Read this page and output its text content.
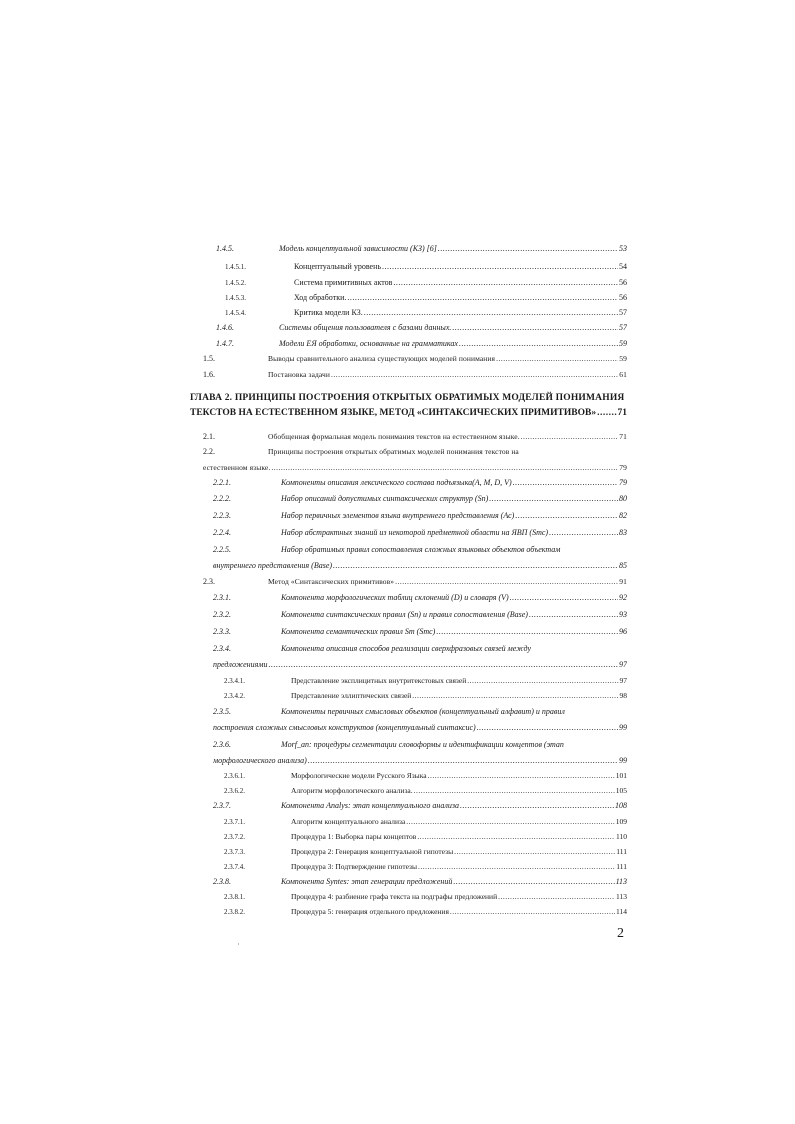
1.4.5.	Модель концептуальной зависимости (КЗ) [6] .....	53
1.4.5.1.	Концептуальный уровень .....	54
1.4.5.2.	Система примитивных актов .....	56
1.4.5.3.	Ход обработки. .....	56
1.4.5.4.	Критика модели КЗ. .....	57
1.4.6.	Системы общения пользователя с базами данных. .....	57
1.4.7.	Модели ЕЯ обработки, основанные на грамматиках .....	59
1.5.	Выводы сравнительного анализа существующих моделей понимания .....	59
1.6.	Постановка задачи .....	61
ГЛАВА 2. ПРИНЦИПЫ ПОСТРОЕНИЯ ОТКРЫТЫХ ОБРАТИМЫХ МОДЕЛЕЙ ПОНИМАНИЯ
ТЕКСТОВ НА ЕСТЕСТВЕННОМ ЯЗЫКЕ, МЕТОД «СИНТАКСИЧЕСКИХ ПРИМИТИВОВ» ..... 71
2.1.	Обобщенная формальная модель понимания текстов на естественном языке. .....	71
2.2.	Принципы построения открытых обратимых моделей понимания текстов на
естественном языке. .....	79
2.2.1.	Компоненты описания лексического состава подъязыка(A, M, D, V) .....	79
2.2.2.	Набор описаний допустимых синтаксических структур (Sn) .....	80
2.2.3.	Набор первичных элементов языка внутреннего представления (Ас) .....	82
2.2.4.	Набор абстрактных знаний из некоторой предметной области на ЯВП (Smc) .....	83
2.2.5.	Набор обратимых правил сопоставления сложных языковых объектов объектам
внутреннего представления (Base) .....	85
2.3.	Метод «Синтаксических примитивов» .....	91
2.3.1.	Компонента морфологических таблиц склонений (D) и словаря (V) .....	92
2.3.2.	Компонента синтаксических правил (Sn) и правил сопоставления (Base) .....	93
2.3.3.	Компонента семантических правил Sm (Smc) .....	96
2.3.4.	Компонента описания способов реализации сверхфразовых связей между
предложениями .....	97
2.3.4.1.	Представление эксплицитных внутритекстовых связей .....	97
2.3.4.2.	Представление эллиптических связей .....	98
2.3.5.	Компоненты первичных смысловых объектов (концептуальный алфавит) и правил
построения сложных смысловых конструктов (концептуальный синтаксис) .....	99
2.3.6.	Morf_an: процедуры сегментации словоформы и идентификации концептов (этап
морфологического анализа) .....	99
2.3.6.1.	Морфологические модели Русского Языка .....	101
2.3.6.2.	Алгоритм морфологического анализа. .....	105
2.3.7.	Компонента Analys: этап концептуального анализа .....	108
2.3.7.1.	Алгоритм концептуального анализа .....	109
2.3.7.2.	Процедура 1: Выборка пары концептов .....	110
2.3.7.3.	Процедура 2: Генерация концептуальной гипотезы .....	111
2.3.7.4.	Процедура 3: Подтверждение гипотезы .....	111
2.3.8.	Компонента Syntes: этап генерации предложений .....	113
2.3.8.1.	Процедура 4: разбиение графа текста на подграфы предложений .....	113
2.3.8.2.	Процедура 5: генерация отдельного предложения .....	114
2
